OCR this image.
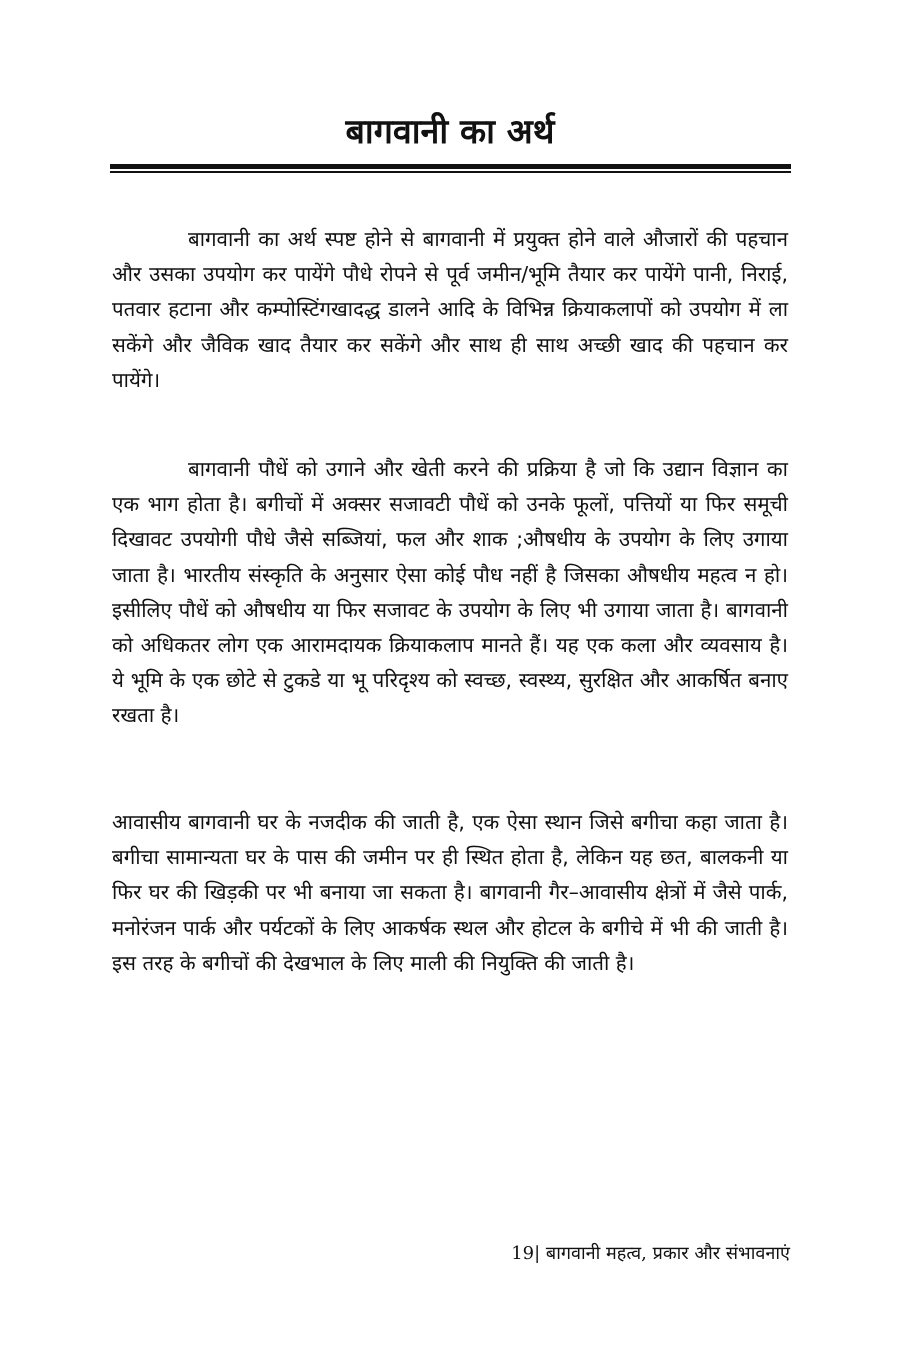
बागवानी का अर्थ

बागवानी का अर्थ स्पष्ट होने से बागवानी में प्रयुक्त होने वाले औजारों की पहचान और उसका उपयोग कर पायेंगे पौधे रोपने से पूर्व जमीन/भूमि तैयार कर पायेंगे पानी, निराई, पतवार हटाना और कम्पोस्टिंगखादद्ध डालने आदि के विभिन्न क्रियाकलापों को उपयोग में ला सकेंगे और जैविक खाद तैयार कर सकेंगे और साथ ही साथ अच्छी खाद की पहचान कर पायेंगे।

बागवानी पौधें को उगाने और खेती करने की प्रक्रिया है जो कि उद्यान विज्ञान का एक भाग होता है। बगीचों में अक्सर सजावटी पौधें को उनके फूलों, पत्तियों या फिर समूची दिखावट उपयोगी पौधे जैसे सब्जियां, फल और शाक ;औषधीय के उपयोग के लिए उगाया जाता है। भारतीय संस्कृति के अनुसार ऐसा कोई पौध नहीं है जिसका औषधीय महत्व न हो। इसीलिए पौधें को औषधीय या फिर सजावट के उपयोग के लिए भी उगाया जाता है। बागवानी को अधिकतर लोग एक आरामदायक क्रियाकलाप मानते हैं। यह एक कला और व्यवसाय है। ये भूमि के एक छोटे से टुकडे या भू परिदृश्य को स्वच्छ, स्वस्थ्य, सुरक्षित और आकर्षित बनाए रखता है।

आवासीय बागवानी घर के नजदीक की जाती है, एक ऐसा स्थान जिसे बगीचा कहा जाता है। बगीचा सामान्यता घर के पास की जमीन पर ही स्थित होता है, लेकिन यह छत, बालकनी या फिर घर की खिड़की पर भी बनाया जा सकता है। बागवानी गैर–आवासीय क्षेत्रों में जैसे पार्क, मनोरंजन पार्क और पर्यटकों के लिए आकर्षक स्थल और होटल के बगीचे में भी की जाती है। इस तरह के बगीचों की देखभाल के लिए माली की नियुक्ति की जाती है।

19| बागवानी महत्व, प्रकार और संभावनाएं
